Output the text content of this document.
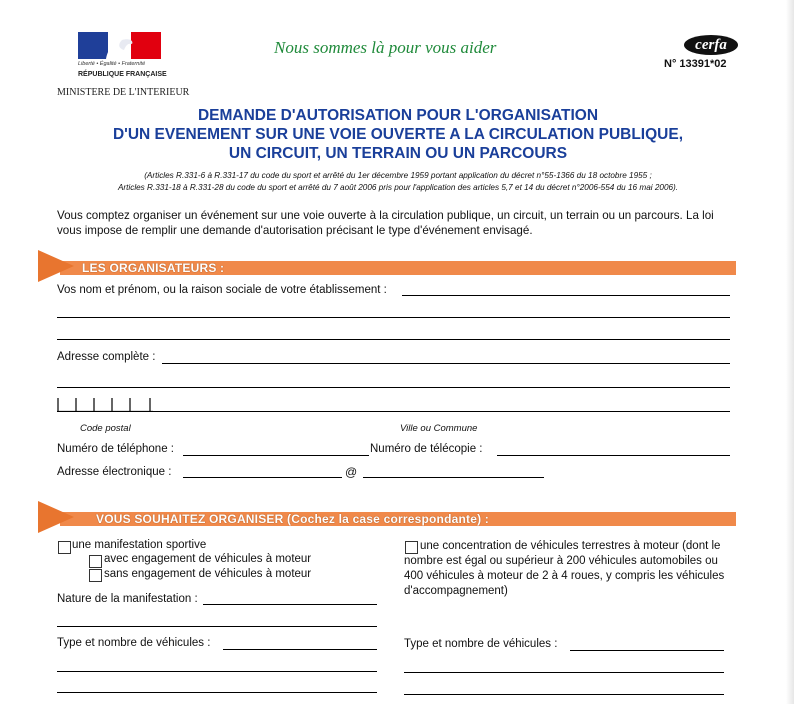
Liberté • Égalité • Fraternité
RÉPUBLIQUE FRANÇAISE
MINISTERE DE L'INTERIEUR
Nous sommes là pour vous aider	cerfa
N° 13391*02
DEMANDE D'AUTORISATION POUR L'ORGANISATION
D'UN EVENEMENT SUR UNE VOIE OUVERTE A LA CIRCULATION PUBLIQUE,
UN CIRCUIT, UN TERRAIN OU UN PARCOURS
(Articles R.331-6 à R.331-17 du code du sport et arrêté du 1er décembre 1959 portant application du décret n°55-1366 du 18 octobre 1955 ;
Articles R.331-18 à R.331-28 du code du sport et arrêté du 7 août 2006 pris pour l'application des articles 5,7 et 14 du décret n°2006-554 du 16 mai 2006).
Vous comptez organiser un événement sur une voie ouverte à la circulation publique, un circuit, un terrain ou un parcours. La loi
vous impose de remplir une demande d'autorisation précisant le type d'événement envisagé.
LES ORGANISATEURS :
Vos nom et prénom, ou la raison sociale de votre établissement :
Adresse complète :
Code postal	Ville ou Commune
Numéro de téléphone :	Numéro de télécopie :
Adresse électronique :	@
VOUS SOUHAITEZ ORGANISER (Cochez la case correspondante) :
une manifestation sportive
avec engagement de véhicules à moteur
sans engagement de véhicules à moteur
Nature de la manifestation :
Type et nombre de véhicules :
une concentration de véhicules terrestres à moteur (dont le
nombre est égal ou supérieur à 200 véhicules automobiles ou
400 véhicules à moteur de 2 à 4 roues, y compris les véhicules
d'accompagnement)
Type et nombre de véhicules :
